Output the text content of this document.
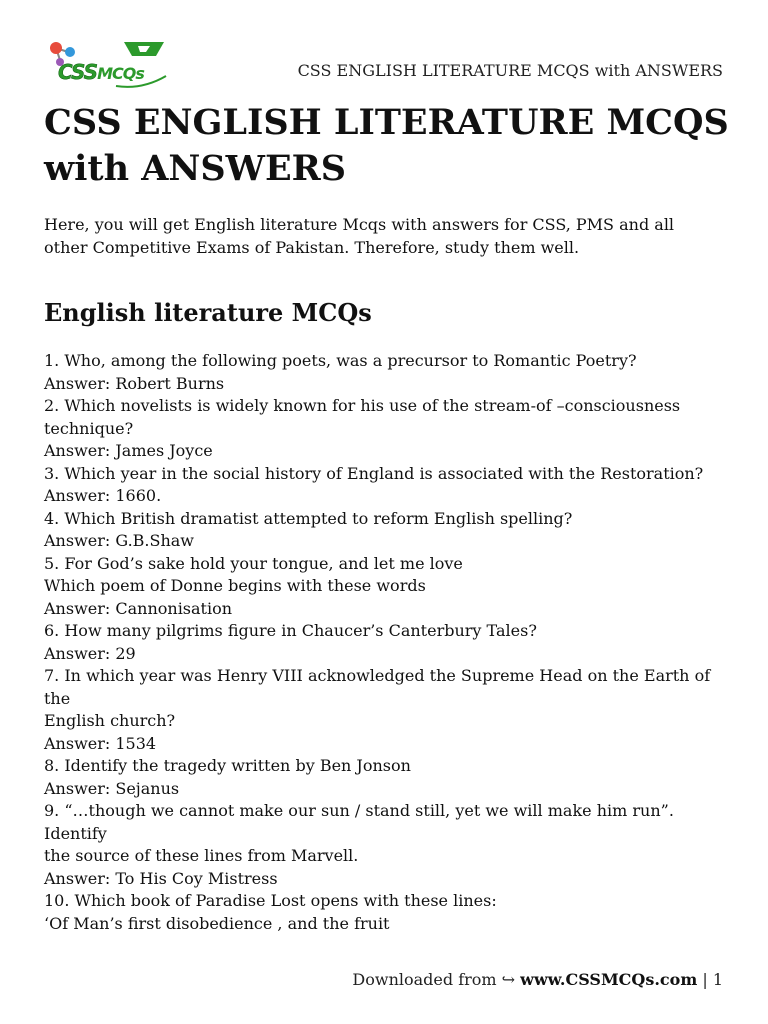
CSSMCQs	CSS ENGLISH LITERATURE MCQS with ANSWERS
CSS ENGLISH LITERATURE MCQS
with ANSWERS

Here, you will get English literature Mcqs with answers for CSS, PMS and all
other Competitive Exams of Pakistan. Therefore, study them well.

English literature MCQs
1. Who, among the following poets, was a precursor to Romantic Poetry?
Answer: Robert Burns
2. Which novelists is widely known for his use of the stream-of –consciousness
technique?
Answer: James Joyce
3. Which year in the social history of England is associated with the Restoration?
Answer: 1660.
4. Which British dramatist attempted to reform English spelling?
Answer: G.B.Shaw
5. For God’s sake hold your tongue, and let me love
Which poem of Donne begins with these words
Answer: Cannonisation
6. How many pilgrims figure in Chaucer’s Canterbury Tales?
Answer: 29
7. In which year was Henry VIII acknowledged the Supreme Head on the Earth of
the
English church?
Answer: 1534
8. Identify the tragedy written by Ben Jonson
Answer: Sejanus
9. “…though we cannot make our sun / stand still, yet we will make him run”.
Identify
the source of these lines from Marvell.
Answer: To His Coy Mistress
10. Which book of Paradise Lost opens with these lines:
‘Of Man’s first disobedience , and the fruit
Downloaded from ↪ www.CSSMCQs.com | 1
